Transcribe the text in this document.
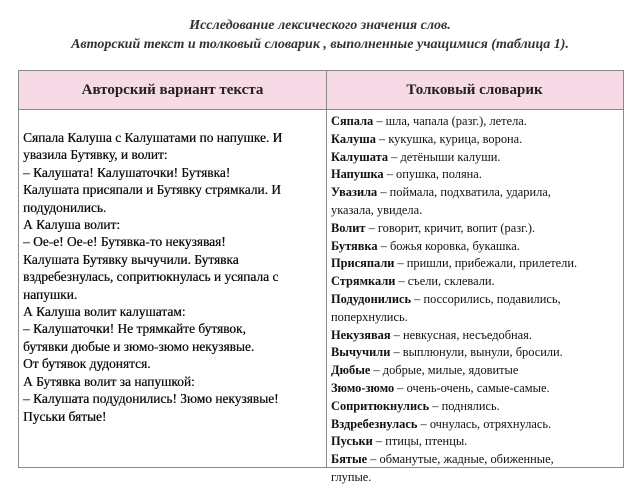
Исследование лексического значения слов.
Авторский текст и толковый словарик , выполненные учащимися (таблица 1).
Авторский вариант текста	Толковый словарик
Сяпала Калуша с Калушатами по напушке. И
увазила Бутявку, и волит:
– Калушата! Калушаточки! Бутявка!
Калушата присяпали и Бутявку стрямкали. И
подудонились.
А Калуша волит:
– Ое-е! Ое-е! Бутявка-то некузявая!
Калушата Бутявку вычучили. Бутявка
вздребезнулась, сопритюкнулась и усяпала с
напушки.
А Калуша волит калушатам:
– Калушаточки! Не трямкайте бутявок,
бутявки дюбые и зюмо-зюмо некузявые.
От бутявок дудонятся.
А Бутявка волит за напушкой:
– Калушата подудонились! Зюмо некузявые!
Пуськи бятые!
Сяпала – шла, чапала (разг.), летела.
Калуша – кукушка, курица, ворона.
Калушата – детёныши калуши.
Напушка – опушка, поляна.
Увазила – поймала, подхватила, ударила,
указала, увидела.
Волит – говорит, кричит, вопит (разг.).
Бутявка – божья коровка, букашка.
Присяпали – пришли, прибежали, прилетели.
Стрямкали – съели, склевали.
Подудонились – поссорились, подавились,
поперхнулись.
Некузявая – невкусная, несъедобная.
Вычучили – выплюнули, вынули, бросили.
Дюбые – добрые, милые, ядовитые
Зюмо-зюмо – очень-очень, самые-самые.
Сопритюкнулись – поднялись.
Вздребезнулась – очнулась, отряхнулась.
Пуськи – птицы, птенцы.
Бятые – обманутые, жадные, обиженные,
глупые.
